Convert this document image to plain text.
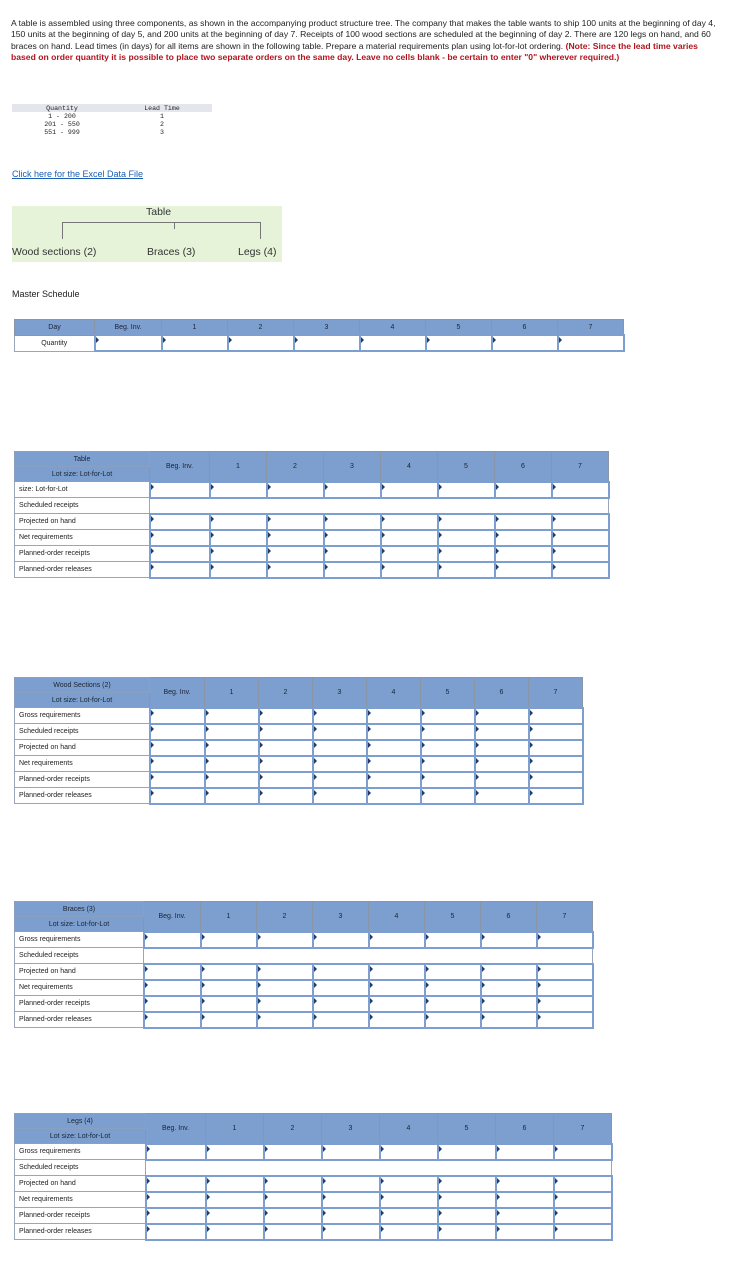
A table is assembled using three components, as shown in the accompanying product structure tree. The company that makes the table wants to ship 100 units at the beginning of day 4, 150 units at the beginning of day 5, and 200 units at the beginning of day 7. Receipts of 100 wood sections are scheduled at the beginning of day 2. There are 120 legs on hand, and 60 braces on hand. Lead times (in days) for all items are shown in the following table. Prepare a material requirements plan using lot-for-lot ordering. (Note: Since the lead time varies based on order quantity it is possible to place two separate orders on the same day. Leave no cells blank - be certain to enter "0" wherever required.)
Quantity	Lead Time
1 - 200	1
201 - 550	2
551 - 999	3
Click here for the Excel Data File
Table
Wood sections (2)	Braces (3)	Legs (4)
Master Schedule
Day	Beg. Inv.	1	2	3	4	5	6	7
Quantity								
Table	Beg. Inv.	1	2	3	4	5	6	7
Lot size: Lot-for-Lot								
size: Lot-for-Lot								
Scheduled receipts								
Projected on hand								
Net requirements								
Planned-order receipts								
Planned-order releases								
Wood Sections (2)	Beg. Inv.	1	2	3	4	5	6	7
Lot size: Lot-for-Lot								
Gross requirements								
Scheduled receipts								
Projected on hand								
Net requirements								
Planned-order receipts								
Planned-order releases								
Braces (3)	Beg. Inv.	1	2	3	4	5	6	7
Lot size: Lot-for-Lot								
Gross requirements								
Scheduled receipts								
Projected on hand								
Net requirements								
Planned-order receipts								
Planned-order releases								
Legs (4)	Beg. Inv.	1	2	3	4	5	6	7
Lot size: Lot-for-Lot								
Gross requirements								
Scheduled receipts								
Projected on hand								
Net requirements								
Planned-order receipts								
Planned-order releases								
